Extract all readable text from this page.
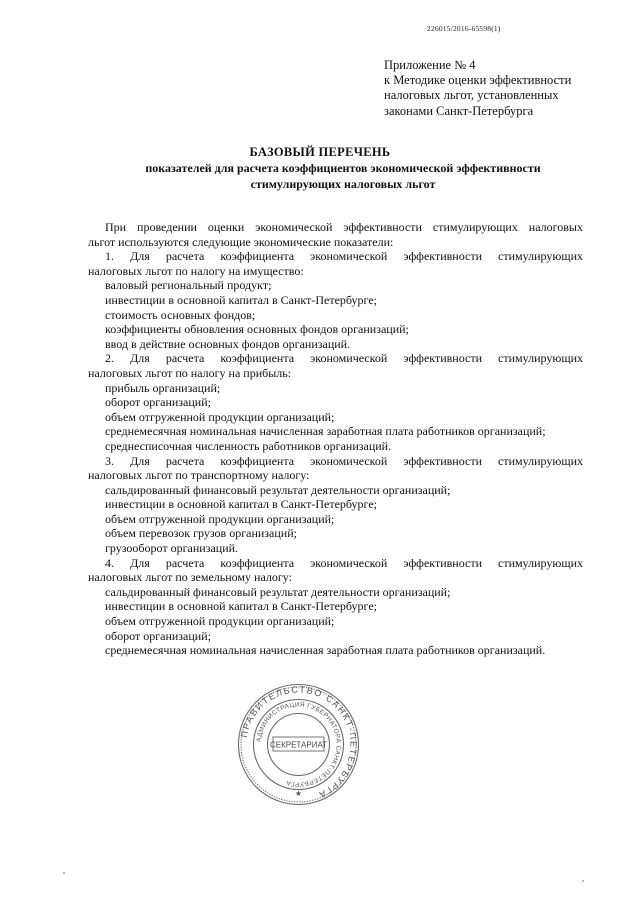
226015/2016-65598(1)
Приложение № 4
к Методике оценки эффективности
налоговых льгот, установленных
законами Санкт-Петербурга
БАЗОВЫЙ ПЕРЕЧЕНЬ
показателей для расчета коэффициентов экономической эффективности
стимулирующих налоговых льгот

При проведении оценки экономической эффективности стимулирующих налоговых

льгот используются следующие экономические показатели:

1. Для расчета коэффициента экономической эффективности стимулирующих

налоговых льгот по налогу на имущество:

валовый региональный продукт;

инвестиции в основной капитал в Санкт-Петербурге;

стоимость основных фондов;

коэффициенты обновления основных фондов организаций;

ввод в действие основных фондов организаций.

2. Для расчета коэффициента экономической эффективности стимулирующих

налоговых льгот по налогу на прибыль:

прибыль организаций;

оборот организаций;

объем отгруженной продукции организаций;

среднемесячная номинальная начисленная заработная плата работников организаций;

среднесписочная численность работников организаций.

3. Для расчета коэффициента экономической эффективности стимулирующих

налоговых льгот по транспортному налогу:

сальдированный финансовый результат деятельности организаций;

инвестиции в основной капитал в Санкт-Петербурге;

объем отгруженной продукции организаций;

объем перевозок грузов организаций;

грузооборот организаций.

4. Для расчета коэффициента экономической эффективности стимулирующих

налоговых льгот по земельному налогу:

сальдированный финансовый результат деятельности организаций;

инвестиции в основной капитал в Санкт-Петербурге;

объем отгруженной продукции организаций;

оборот организаций;

среднемесячная номинальная начисленная заработная плата работников организаций.

ПРАВИТЕЛЬСТВО САНКТ-ПЕТЕРБУРГА
АДМИНИСТРАЦИЯ ГУБЕРНАТОРА САНКТ-ПЕТЕРБУРГА
СЕКРЕТАРИАТ
★
